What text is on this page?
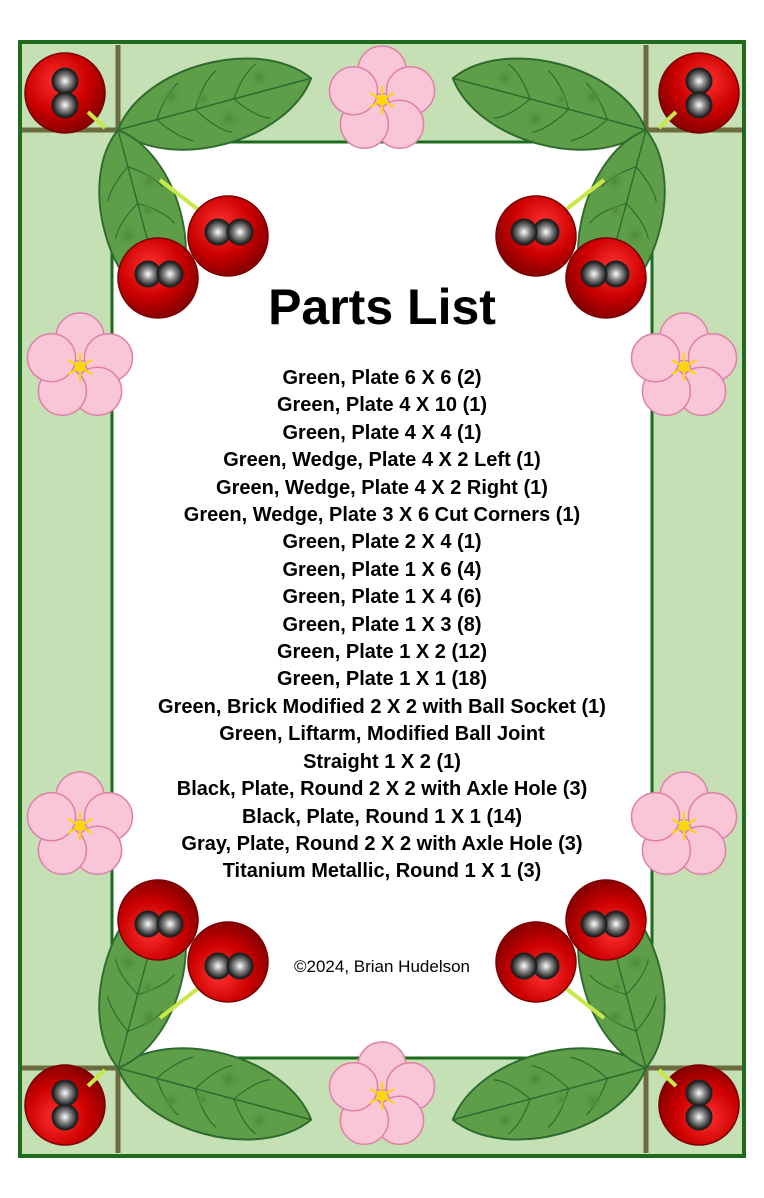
Parts List
Green, Plate 6 X 6 (2)
Green, Plate 4 X 10 (1)
Green, Plate 4 X 4 (1)
Green, Wedge, Plate 4 X 2 Left (1)
Green, Wedge, Plate 4 X 2 Right (1)
Green, Wedge, Plate 3 X 6 Cut Corners (1)
Green, Plate 2 X 4 (1)
Green, Plate 1 X 6 (4)
Green, Plate 1 X 4 (6)
Green, Plate 1 X 3 (8)
Green, Plate 1 X 2 (12)
Green, Plate 1 X 1 (18)
Green, Brick Modified 2 X 2 with Ball Socket (1)
Green, Liftarm, Modified Ball Joint
Straight 1 X 2 (1)
Black, Plate, Round 2 X 2 with Axle Hole (3)
Black, Plate, Round 1 X 1 (14)
Gray, Plate, Round 2 X 2 with Axle Hole (3)
Titanium Metallic, Round 1 X 1 (3)
©2024, Brian Hudelson
